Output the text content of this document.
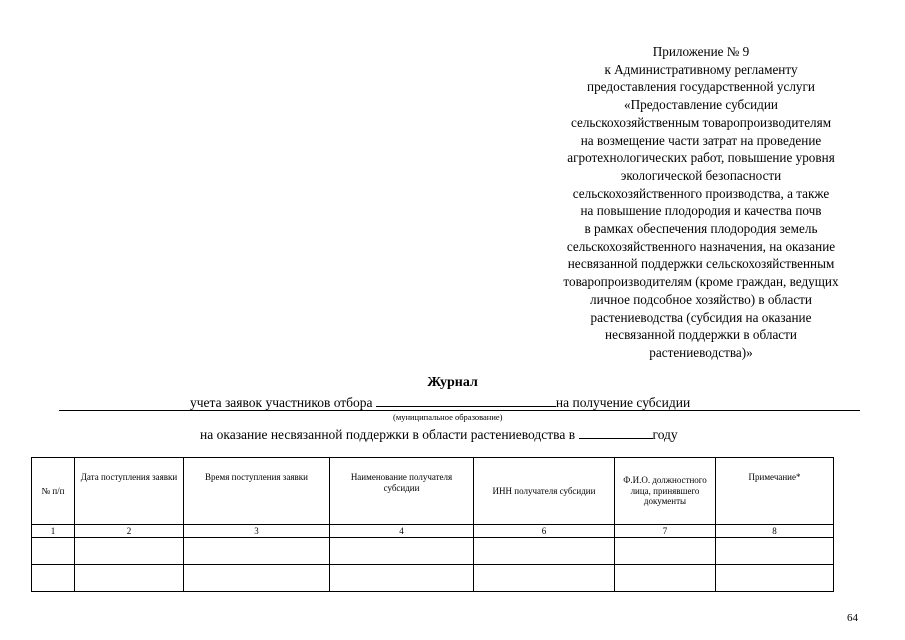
Приложение № 9
к Административному регламенту
предоставления государственной услуги
«Предоставление субсидии
сельскохозяйственным товаропроизводителям
на возмещение части затрат на проведение
агротехнологических работ, повышение уровня
экологической безопасности
сельскохозяйственного производства, а также
на повышение плодородия и качества почв
в рамках обеспечения плодородия земель
сельскохозяйственного назначения, на оказание
несвязанной поддержки сельскохозяйственным
товаропроизводителям (кроме граждан, ведущих
личное подсобное хозяйство) в области
растениеводства (субсидия на оказание
несвязанной поддержки в области
растениеводства)»
Журнал
учета заявок участников отбора	на получение субсидии
(муниципальное образование)
на оказание несвязанной поддержки в области растениеводства в	году
№ п/п	Дата поступления заявки	Время поступления заявки	Наименование получателя субсидии	ИНН получателя субсидии	Ф.И.О. должностного лица, принявшего документы	Примечание*
1	2	3	4	6	7	8

64
